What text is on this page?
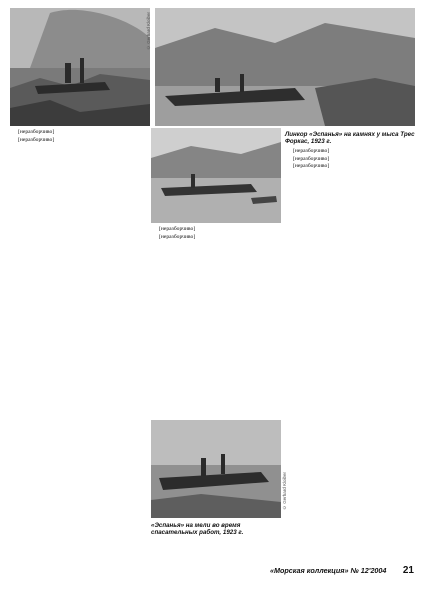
© Gerhard Kloiber
Линкор «Эспанья» на камнях у мыса Трес Форкас, 1923 г.

[неразборчиво]

[неразборчиво]

[неразборчиво]

[неразборчиво]

[неразборчиво]

[неразборчиво]

[неразборчиво]

© Gerhard Kloiber
«Эспанья» на мели во время спасательных работ, 1923 г.
«Морская коллекция» № 12'2004 21
